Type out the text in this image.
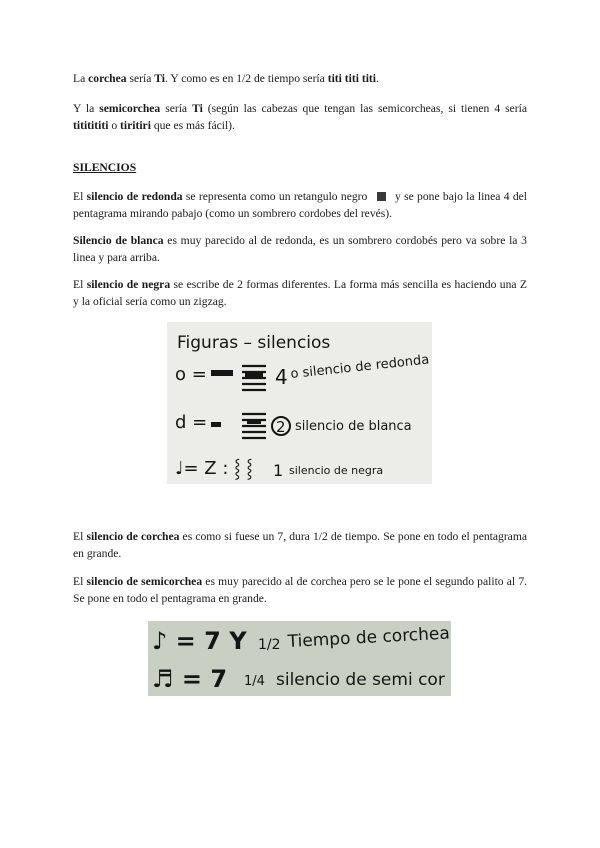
La corchea sería Ti. Y como es en 1/2 de tiempo sería titi titi titi.

Y la semicorchea sería Ti (según las cabezas que tengan las semicorcheas, si tienen 4 sería tititititi o tiritiri que es más fácil).

SILENCIOS

El silencio de redonda se representa como un retangulo negro  y se pone bajo la linea 4 del pentagrama mirando pabajo (como un sombrero cordobes del revés).

Silencio de blanca es muy parecido al de redonda, es un sombrero cordobés pero va sobre la 3 linea y para arriba.

El silencio de negra se escribe de 2 formas diferentes. La forma más sencilla es haciendo una Z y la oficial sería como un zigzag.

Figuras – silencios
o =	4 o silencio de redonda
d =	2 silencio de blanca
♩= Z : ⸾ ⸾ 1 silencio de negra

El silencio de corchea es como si fuese un 7, dura 1/2 de tiempo. Se pone en todo el pentagrama en grande.

El silencio de semicorchea es muy parecido al de corchea pero se le pone el segundo palito al 7. Se pone en todo el pentagrama en grande.

♪ = 7 Y 1/2 Tiempo de corchea
♬ = 7 1/4 silencio de semi cor
